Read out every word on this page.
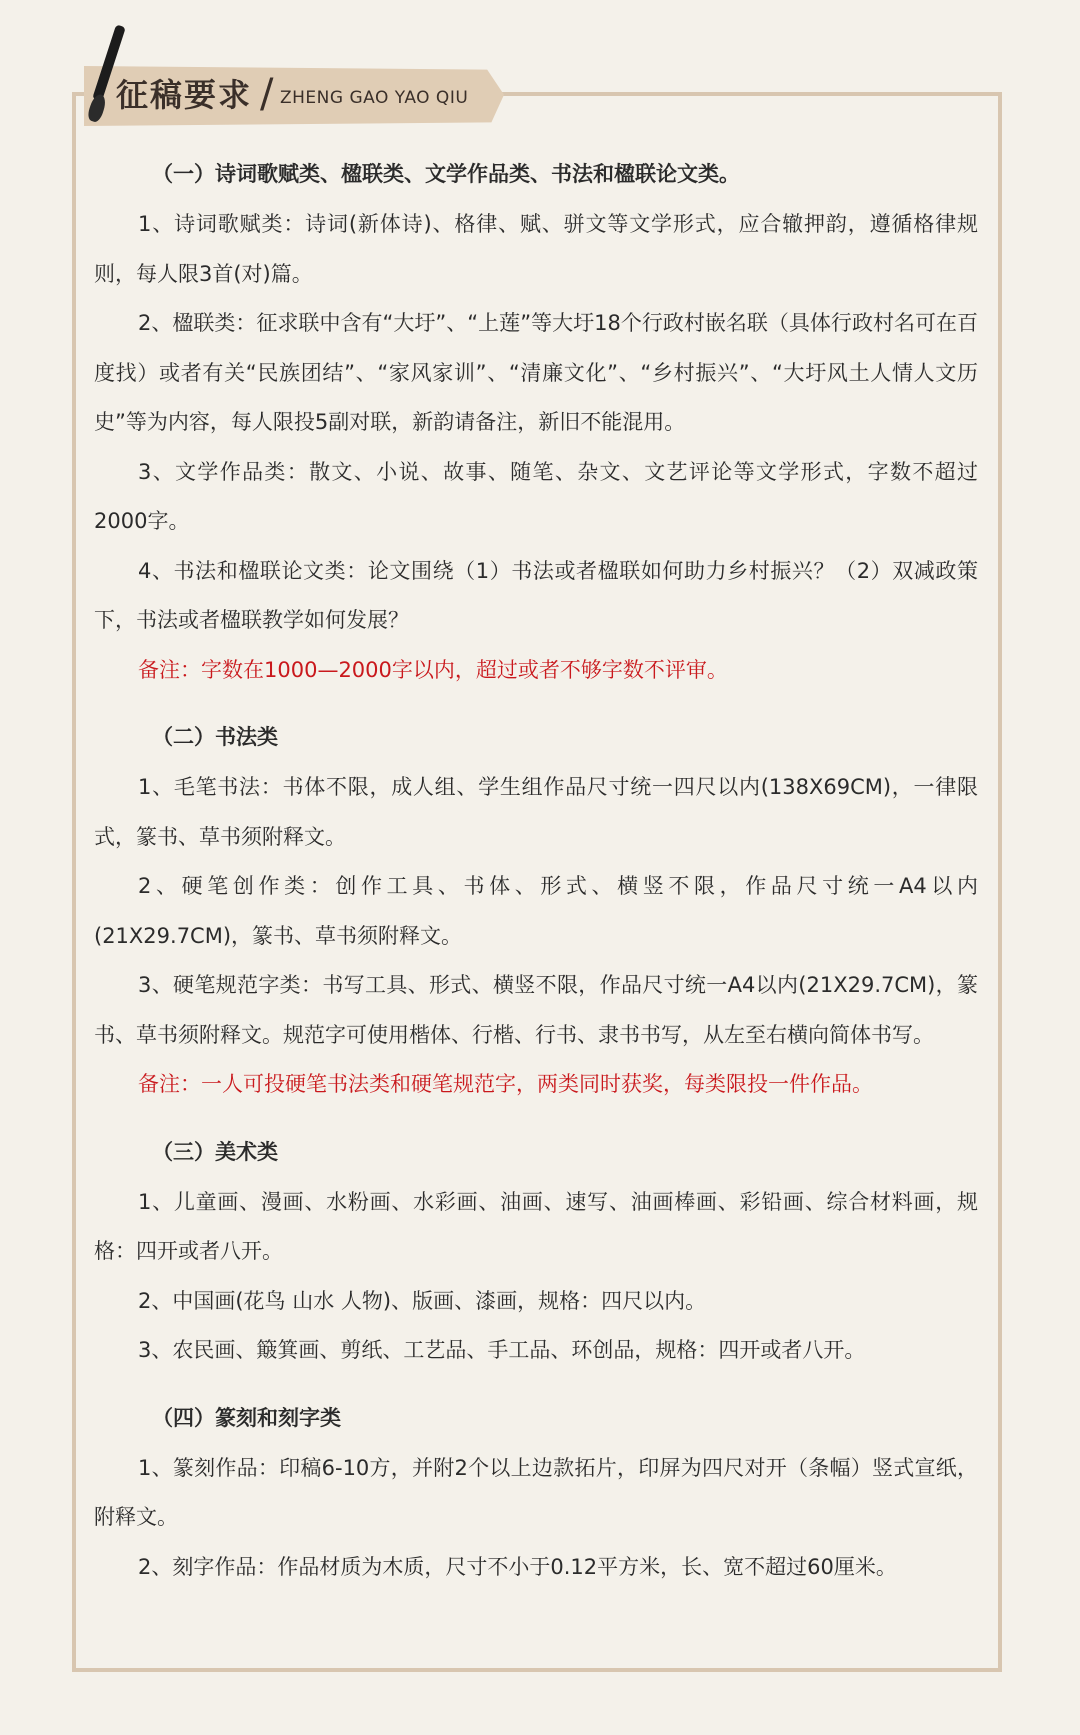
征稿要求 / ZHENG GAO YAO QIU
（一）诗词歌赋类、楹联类、文学作品类、书法和楹联论文类。
1、诗词歌赋类：诗词(新体诗)、格律、赋、骈文等文学形式，应合辙押韵，遵循格律规则，每人限3首(对)篇。
2、楹联类：征求联中含有“大圩”、“上莲”等大圩18个行政村嵌名联（具体行政村名可在百度找）或者有关“民族团结”、“家风家训”、“清廉文化”、“乡村振兴”、“大圩风土人情人文历史”等为内容，每人限投5副对联，新韵请备注，新旧不能混用。
3、文学作品类：散文、小说、故事、随笔、杂文、文艺评论等文学形式，字数不超过2000字。
4、书法和楹联论文类：论文围绕（1）书法或者楹联如何助力乡村振兴？（2）双减政策下，书法或者楹联教学如何发展？
备注：字数在1000—2000字以内，超过或者不够字数不评审。
（二）书法类
1、毛笔书法：书体不限，成人组、学生组作品尺寸统一四尺以内(138X69CM)，一律限式，篆书、草书须附释文。
2、硬笔创作类：创作工具、书体、形式、横竖不限，作品尺寸统一A4以内(21X29.7CM)，篆书、草书须附释文。
3、硬笔规范字类：书写工具、形式、横竖不限，作品尺寸统一A4以内(21X29.7CM)，篆书、草书须附释文。规范字可使用楷体、行楷、行书、隶书书写，从左至右横向简体书写。
备注：一人可投硬笔书法类和硬笔规范字，两类同时获奖，每类限投一件作品。
（三）美术类
1、儿童画、漫画、水粉画、水彩画、油画、速写、油画棒画、彩铅画、综合材料画，规格：四开或者八开。
2、中国画(花鸟 山水 人物)、版画、漆画，规格：四尺以内。
3、农民画、簸箕画、剪纸、工艺品、手工品、环创品，规格：四开或者八开。
（四）篆刻和刻字类
1、篆刻作品：印稿6-10方，并附2个以上边款拓片，印屏为四尺对开（条幅）竖式宣纸，附释文。
2、刻字作品：作品材质为木质，尺寸不小于0.12平方米，长、宽不超过60厘米。
